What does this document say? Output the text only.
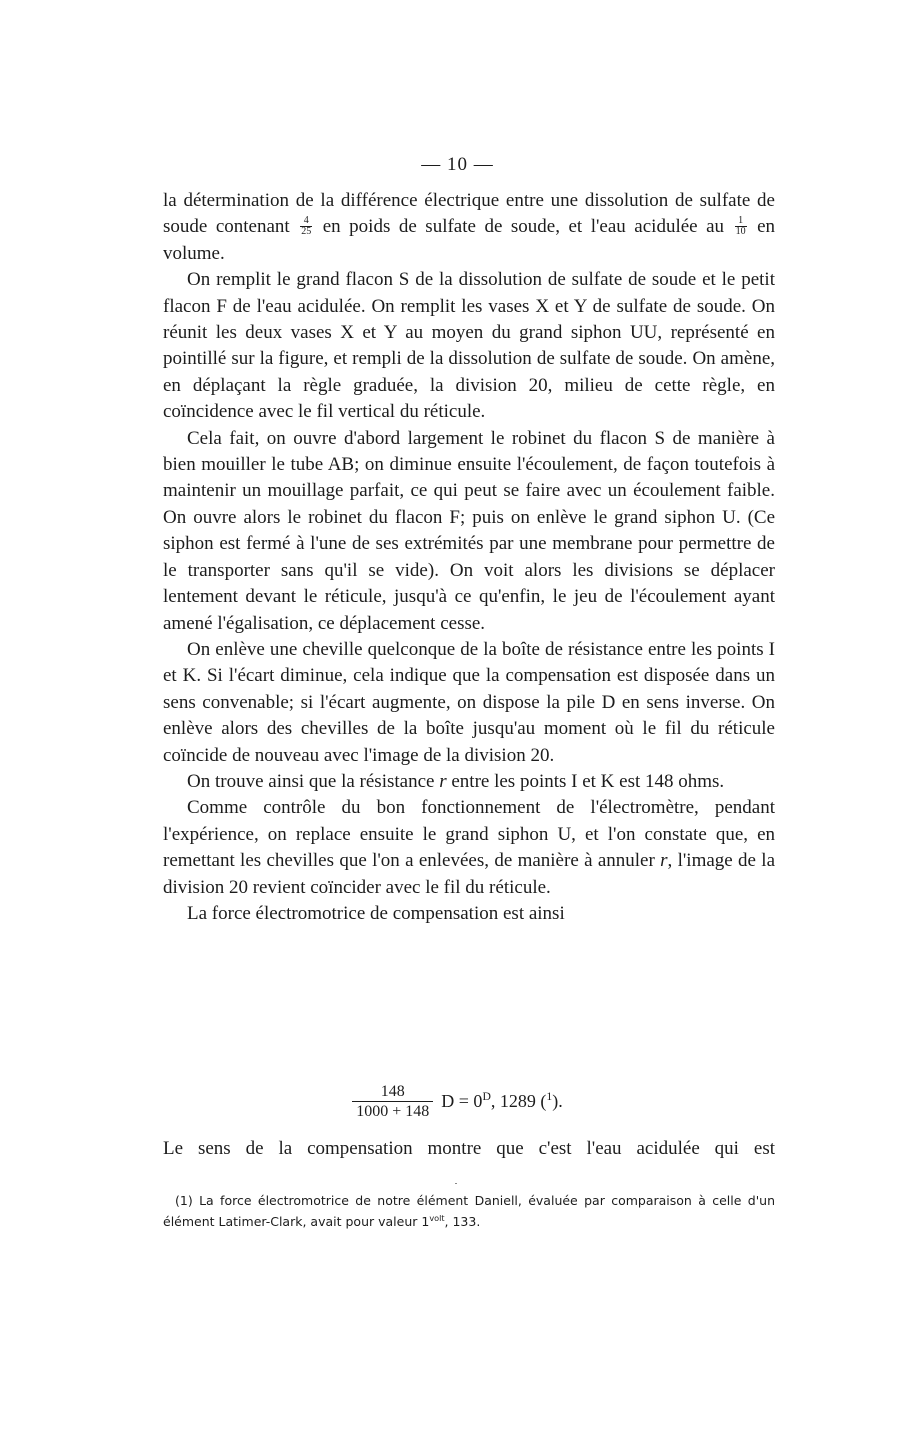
— 10 —

la détermination de la différence électrique entre une dissolution de sulfate de soude contenant $\frac{4}{25}$ en poids de sulfate de soude, et l'eau acidulée au $\frac{1}{10}$ en volume.

On remplit le grand flacon S de la dissolution de sulfate de soude et le petit flacon F de l'eau acidulée. On remplit les vases X et Y de sulfate de soude. On réunit les deux vases X et Y au moyen du grand siphon UU, représenté en pointillé sur la figure, et rempli de la dissolution de sulfate de soude. On amène, en déplaçant la règle graduée, la division 20, milieu de cette règle, en coïncidence avec le fil vertical du réticule.

Cela fait, on ouvre d'abord largement le robinet du flacon S de manière à bien mouiller le tube AB; on diminue ensuite l'écoulement, de façon toutefois à maintenir un mouillage parfait, ce qui peut se faire avec un écoulement faible. On ouvre alors le robinet du flacon F; puis on enlève le grand siphon U. (Ce siphon est fermé à l'une de ses extrémités par une membrane pour permettre de le transporter sans qu'il se vide). On voit alors les divisions se déplacer lentement devant le réticule, jusqu'à ce qu'enfin, le jeu de l'écoulement ayant amené l'égalisation, ce déplacement cesse.

On enlève une cheville quelconque de la boîte de résistance entre les points I et K. Si l'écart diminue, cela indique que la compensation est disposée dans un sens convenable; si l'écart augmente, on dispose la pile D en sens inverse. On enlève alors des chevilles de la boîte jusqu'au moment où le fil du réticule coïncide de nouveau avec l'image de la division 20.

On trouve ainsi que la résistance r entre les points I et K est 148 ohms.

Comme contrôle du bon fonctionnement de l'électromètre, pendant l'expérience, on replace ensuite le grand siphon U, et l'on constate que, en remettant les chevilles que l'on a enlevées, de manière à annuler r, l'image de la division 20 revient coïncider avec le fil du réticule.

La force électromotrice de compensation est ainsi

$\frac{148}{1000 + 148}$ $D = 0^D$, 1289 ($^1$).
Le sens de la compensation montre que c'est l'eau acidulée qui est
(1) La force électromotrice de notre élément Daniell, évaluée par comparaison à celle d'un élément Latimer-Clark, avait pour valeur $1^{volt}$, 133.
